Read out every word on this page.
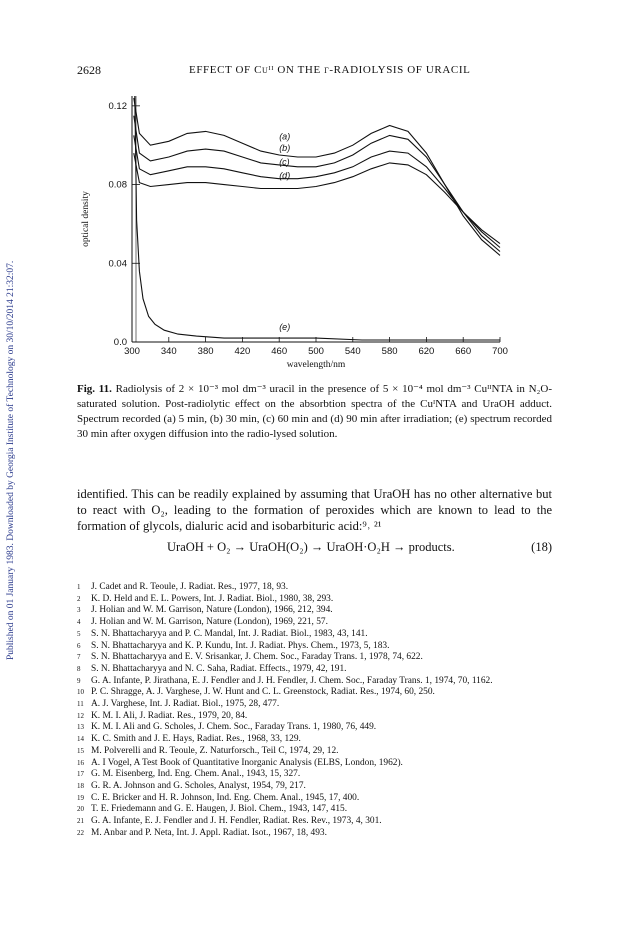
Published on 01 January 1983. Downloaded by Georgia Institute of Technology on 30/10/2014 21:32:07.
2628	EFFECT OF Cuᴵᴵ ON THE γ-RADIOLYSIS OF URACIL
300 340 380 420 460 500 540 580 620 660 700
0.0
0.04
0.08
0.12
wavelength/nm
optical density
(a)
(b)
(c)
(d)
(e)
Fig. 11. Radiolysis of 2 × 10⁻³ mol dm⁻³ uracil in the presence of 5 × 10⁻⁴ mol dm⁻³ CuᴵᴵNTA in N₂O-saturated solution. Post-radiolytic effect on the absorbtion spectra of the CuᴵNTA and UraOH adduct. Spectrum recorded (a) 5 min, (b) 30 min, (c) 60 min and (d) 90 min after irradiation; (e) spectrum recorded 30 min after oxygen diffusion into the radio-lysed solution.
identified. This can be readily explained by assuming that UraOH has no other alternative but to react with O₂, leading to the formation of peroxides which are known to lead to the formation of glycols, dialuric acid and isobarbituric acid:⁹˒ ²¹
UraOH + O₂ → UraOH(O₂) → UraOH·O₂H → products.	(18)
1 J. Cadet and R. Teoule, J. Radiat. Res., 1977, 18, 93.
2 K. D. Held and E. L. Powers, Int. J. Radiat. Biol., 1980, 38, 293.
3 J. Holian and W. M. Garrison, Nature (London), 1966, 212, 394.
4 J. Holian and W. M. Garrison, Nature (London), 1969, 221, 57.
5 S. N. Bhattacharyya and P. C. Mandal, Int. J. Radiat. Biol., 1983, 43, 141.
6 S. N. Bhattacharyya and K. P. Kundu, Int. J. Radiat. Phys. Chem., 1973, 5, 183.
7 S. N. Bhattacharyya and E. V. Srisankar, J. Chem. Soc., Faraday Trans. 1, 1978, 74, 622.
8 S. N. Bhattacharyya and N. C. Saha, Radiat. Effects., 1979, 42, 191.
9 G. A. Infante, P. Jirathana, E. J. Fendler and J. H. Fendler, J. Chem. Soc., Faraday Trans. 1, 1974, 70, 1162.
10 P. C. Shragge, A. J. Varghese, J. W. Hunt and C. L. Greenstock, Radiat. Res., 1974, 60, 250.
11 A. J. Varghese, Int. J. Radiat. Biol., 1975, 28, 477.
12 K. M. I. Ali, J. Radiat. Res., 1979, 20, 84.
13 K. M. I. Ali and G. Scholes, J. Chem. Soc., Faraday Trans. 1, 1980, 76, 449.
14 K. C. Smith and J. E. Hays, Radiat. Res., 1968, 33, 129.
15 M. Polverelli and R. Teoule, Z. Naturforsch., Teil C, 1974, 29, 12.
16 A. I Vogel, A Test Book of Quantitative Inorganic Analysis (ELBS, London, 1962).
17 G. M. Eisenberg, Ind. Eng. Chem. Anal., 1943, 15, 327.
18 G. R. A. Johnson and G. Scholes, Analyst, 1954, 79, 217.
19 C. E. Bricker and H. R. Johnson, Ind. Eng. Chem. Anal., 1945, 17, 400.
20 T. E. Friedemann and G. E. Haugen, J. Biol. Chem., 1943, 147, 415.
21 G. A. Infante, E. J. Fendler and J. H. Fendler, Radiat. Res. Rev., 1973, 4, 301.
22 M. Anbar and P. Neta, Int. J. Appl. Radiat. Isot., 1967, 18, 493.
